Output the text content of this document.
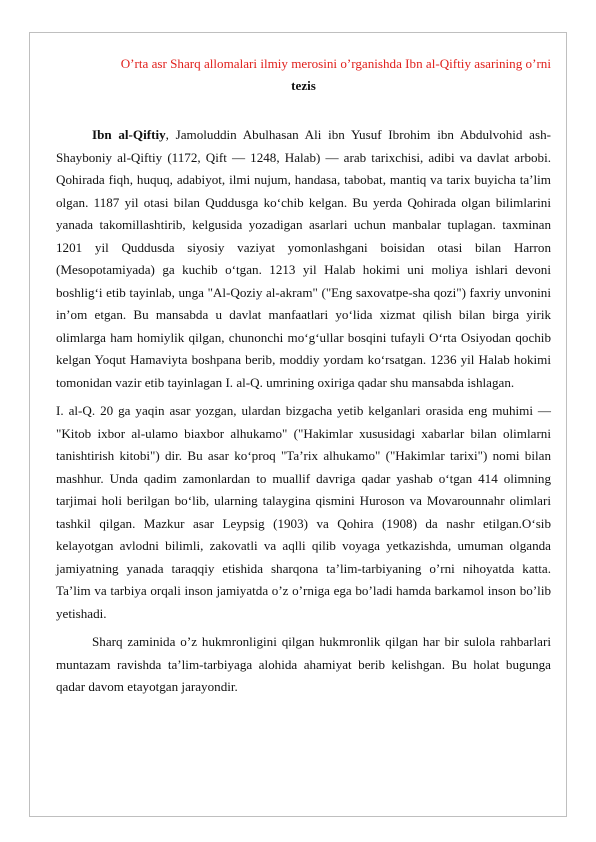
O’rta asr Sharq allomalari ilmiy merosini o’rganishda Ibn al-Qiftiy asarining o’rni

tezis

Ibn al-Qiftiy, Jamoluddin Abulhasan Ali ibn Yusuf Ibrohim ibn Abdulvohid ash-Shayboniy al-Qiftiy (1172, Qift — 1248, Halab) — arab tarixchisi, adibi va davlat arbobi. Qohirada fiqh, huquq, adabiyot, ilmi nujum, handasa, tabobat, mantiq va tarix buyicha ta’lim olgan. 1187 yil otasi bilan Quddusga ko‘chib kelgan. Bu yerda Qohirada olgan bilimlarini yanada takomillashtirib, kelgusida yozadigan asarlari uchun manbalar tuplagan. taxminan 1201 yil Quddusda siyosiy vaziyat yomonlashgani boisidan otasi bilan Harron (Mesopotamiyada) ga kuchib o‘tgan. 1213 yil Halab hokimi uni moliya ishlari devoni boshlig‘i etib tayinlab, unga "Al-Qoziy al-akram" ("Eng saxovatpe-sha qozi") faxriy unvonini in’om etgan. Bu mansabda u davlat manfaatlari yo‘lida xizmat qilish bilan birga yirik olimlarga ham homiylik qilgan, chunonchi mo‘g‘ullar bosqini tufayli O‘rta Osiyodan qochib kelgan Yoqut Hamaviyta boshpana berib, moddiy yordam ko‘rsatgan. 1236 yil Halab hokimi tomonidan vazir etib tayinlagan I. al-Q. umrining oxiriga qadar shu mansabda ishlagan.

I. al-Q. 20 ga yaqin asar yozgan, ulardan bizgacha yetib kelganlari orasida eng muhimi — "Kitob ixbor al-ulamo biaxbor alhukamo" ("Hakimlar xususidagi xabarlar bilan olimlarni tanishtirish kitobi") dir. Bu asar ko‘proq "Ta’rix alhukamo" ("Hakimlar tarixi") nomi bilan mashhur. Unda qadim zamonlardan to muallif davriga qadar yashab o‘tgan 414 olimning tarjimai holi berilgan bo‘lib, ularning talaygina qismini Huroson va Movarounnahr olimlari tashkil qilgan. Mazkur asar Leypsig (1903) va Qohira (1908) da nashr etilgan.O‘sib kelayotgan avlodni bilimli, zakovatli va aqlli qilib voyaga yetkazishda, umuman olganda jamiyatning yanada taraqqiy etishida sharqona ta’lim-tarbiyaning o’rni nihoyatda katta. Ta’lim va tarbiya orqali inson jamiyatda o’z o’rniga ega bo’ladi hamda barkamol inson bo’lib yetishadi.

Sharq zaminida o’z hukmronligini qilgan hukmronlik qilgan har bir sulola rahbarlari muntazam ravishda ta’lim-tarbiyaga alohida ahamiyat berib kelishgan. Bu holat bugunga qadar davom etayotgan jarayondir.
